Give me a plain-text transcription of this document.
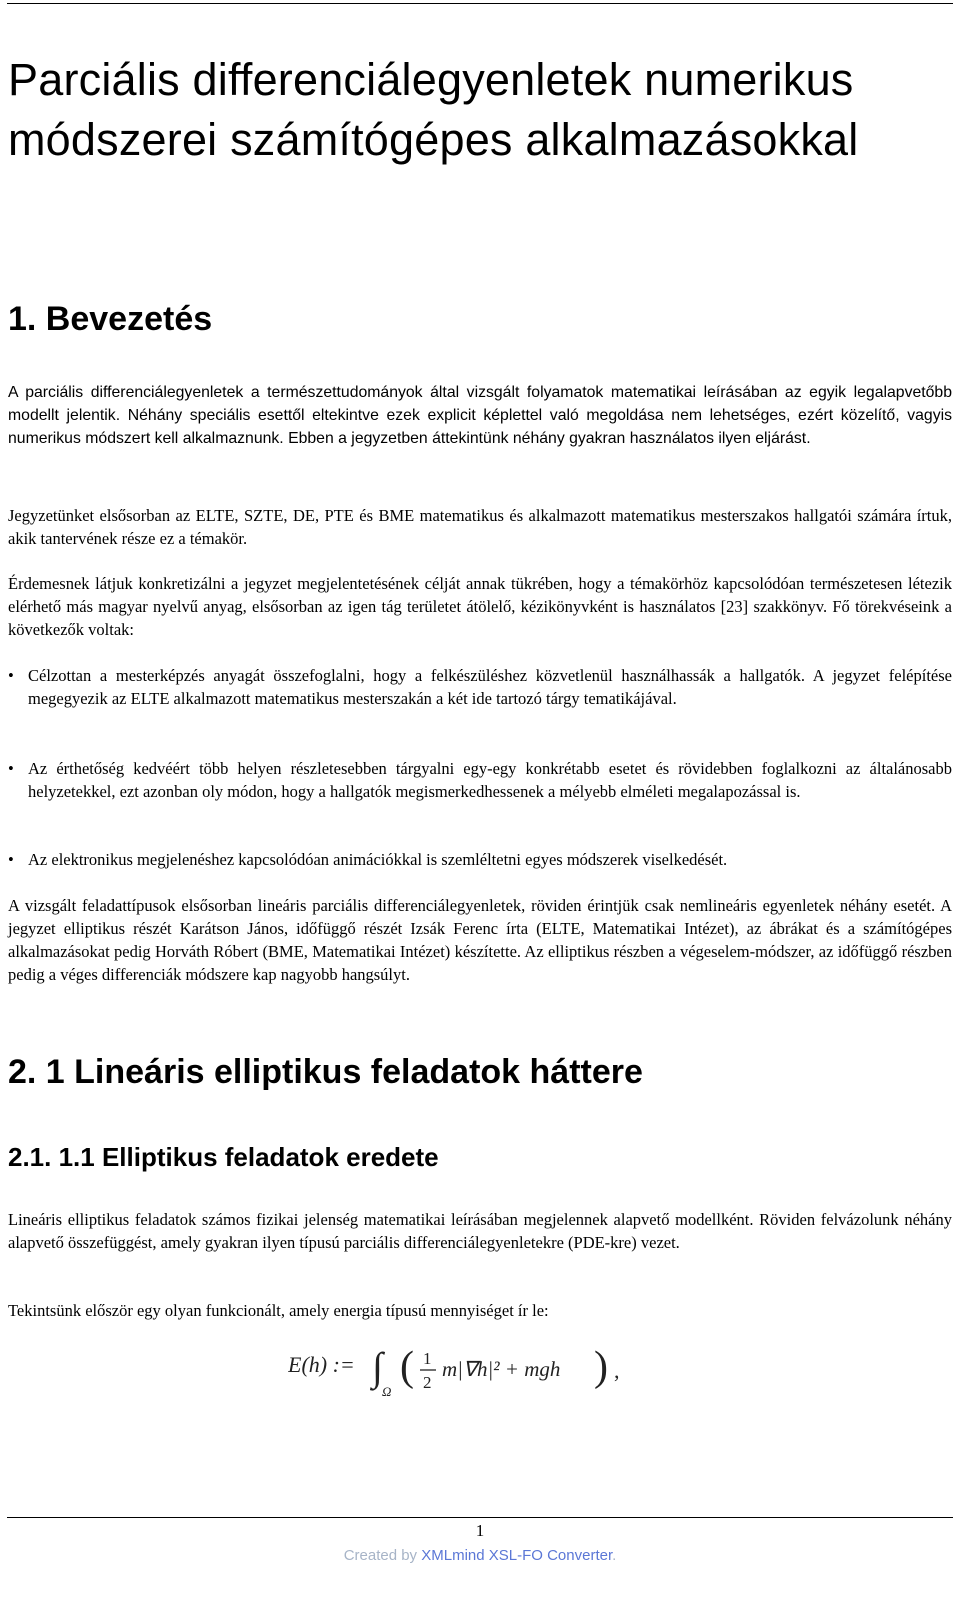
Parciális differenciálegyenletek numerikus módszerei számítógépes alkalmazásokkal
1. Bevezetés

A parciális differenciálegyenletek a természettudományok által vizsgált folyamatok matematikai leírásában az egyik legalapvetőbb modellt jelentik. Néhány speciális esettől eltekintve ezek explicit képlettel való megoldása nem lehetséges, ezért közelítő, vagyis numerikus módszert kell alkalmaznunk. Ebben a jegyzetben áttekintünk néhány gyakran használatos ilyen eljárást.

Jegyzetünket elsősorban az ELTE, SZTE, DE, PTE és BME matematikus és alkalmazott matematikus mesterszakos hallgatói számára írtuk, akik tantervének része ez a témakör.

Érdemesnek látjuk konkretizálni a jegyzet megjelentetésének célját annak tükrében, hogy a témakörhöz kapcsolódóan természetesen létezik elérhető más magyar nyelvű anyag, elsősorban az igen tág területet átölelő, kézikönyvként is használatos [23] szakkönyv. Fő törekvéseink a következők voltak:

• Célzottan a mesterképzés anyagát összefoglalni, hogy a felkészüléshez közvetlenül használhassák a hallgatók. A jegyzet felépítése megegyezik az ELTE alkalmazott matematikus mesterszakán a két ide tartozó tárgy tematikájával.
• Az érthetőség kedvéért több helyen részletesebben tárgyalni egy-egy konkrétabb esetet és rövidebben foglalkozni az általánosabb helyzetekkel, ezt azonban oly módon, hogy a hallgatók megismerkedhessenek a mélyebb elméleti megalapozással is.
• Az elektronikus megjelenéshez kapcsolódóan animációkkal is szemléltetni egyes módszerek viselkedését.

A vizsgált feladattípusok elsősorban lineáris parciális differenciálegyenletek, röviden érintjük csak nemlineáris egyenletek néhány esetét. A jegyzet elliptikus részét Karátson János, időfüggő részét Izsák Ferenc írta (ELTE, Matematikai Intézet), az ábrákat és a számítógépes alkalmazásokat pedig Horváth Róbert (BME, Matematikai Intézet) készítette. Az elliptikus részben a végeselem-módszer, az időfüggő részben pedig a véges differenciák módszere kap nagyobb hangsúlyt.

2. 1 Lineáris elliptikus feladatok háttere
2.1. 1.1 Elliptikus feladatok eredete

Lineáris elliptikus feladatok számos fizikai jelenség matematikai leírásában megjelennek alapvető modellként. Röviden felvázolunk néhány alapvető összefüggést, amely gyakran ilyen típusú parciális differenciálegyenletekre (PDE-kre) vezet.

Tekintsünk először egy olyan funkcionált, amely energia típusú mennyiséget ír le:

E(h) := ∫
Ω
( 1
2
m|∇h|² + mgh ) ,
1
Created by XMLmind XSL-FO Converter.
